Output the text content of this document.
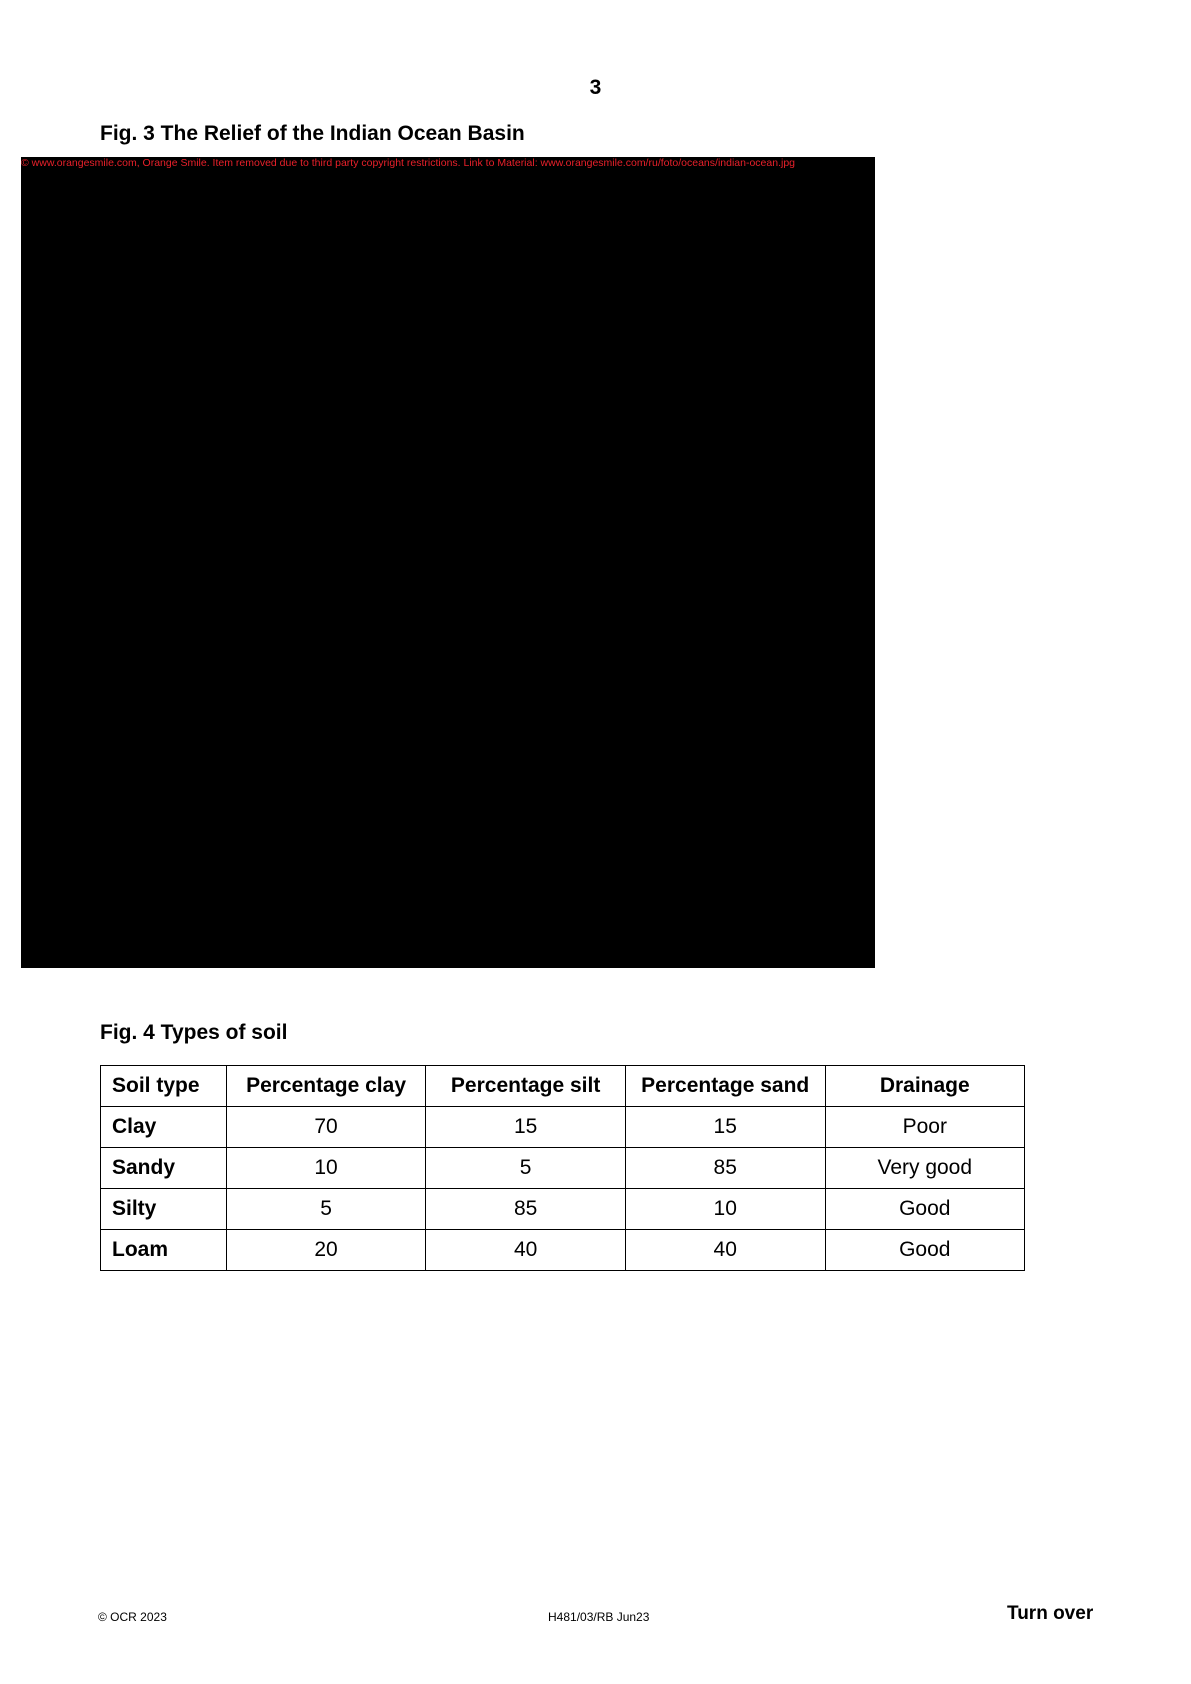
3
Fig. 3 The Relief of the Indian Ocean Basin
© www.orangesmile.com, Orange Smile. Item removed due to third party copyright restrictions. Link to Material: www.orangesmile.com/ru/foto/oceans/indian-ocean.jpg
Fig. 4 Types of soil
Soil type	Percentage clay	Percentage silt	Percentage sand	Drainage
Clay	70	15	15	Poor
Sandy	10	5	85	Very good
Silty	5	85	10	Good
Loam	20	40	40	Good
© OCR 2023	H481/03/RB Jun23	Turn over
